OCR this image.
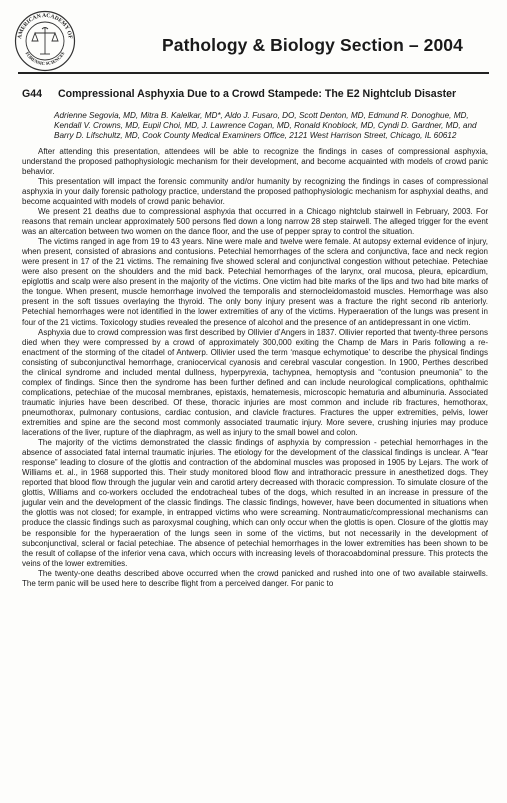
AMERICAN ACADEMY OF
FORENSIC SCIENCES	Pathology & Biology Section – 2004
G44	Compressional Asphyxia Due to a Crowd Stampede: The E2 Nightclub Disaster
Adrienne Segovia, MD, Mitra B. Kalelkar, MD*, Aldo J. Fusaro, DO, Scott Denton, MD, Edmund R. Donoghue, MD, Kendall V. Crowns, MD, Eupil Choi, MD, J. Lawrence Cogan, MD, Ronald Knoblock, MD, Cyndi D. Gardner, MD, and Barry D. Lifschultz, MD, Cook County Medical Examiners Office, 2121 West Harrison Street, Chicago, IL 60612

After attending this presentation, attendees will be able to recognize the findings in cases of compressional asphyxia, understand the proposed pathophysiologic mechanism for their development, and become acquainted with models of crowd panic behavior.

This presentation will impact the forensic community and/or humanity by recognizing the findings in cases of compressional asphyxia in your daily forensic pathology practice, understand the proposed pathophysiologic mechanism for asphyxial deaths, and become acquainted with models of crowd panic behavior.

We present 21 deaths due to compressional asphyxia that occurred in a Chicago nightclub stairwell in February, 2003. For reasons that remain unclear approximately 500 persons fled down a long narrow 28 step stairwell. The alleged trigger for the event was an altercation between two women on the dance floor, and the use of pepper spray to control the situation.

The victims ranged in age from 19 to 43 years. Nine were male and twelve were female. At autopsy external evidence of injury, when present, consisted of abrasions and contusions. Petechial hemorrhages of the sclera and conjunctiva, face and neck region were present in 17 of the 21 victims. The remaining five showed scleral and conjunctival congestion without petechiae. Petechiae were also present on the shoulders and the mid back. Petechial hemorrhages of the larynx, oral mucosa, pleura, epicardium, epiglottis and scalp were also present in the majority of the victims. One victim had bite marks of the lips and two had bite marks of the tongue. When present, muscle hemorrhage involved the temporalis and sternocleidomastoid muscles. Hemorrhage was also present in the soft tissues overlaying the thyroid. The only bony injury present was a fracture the right second rib anteriorly. Petechial hemorrhages were not identified in the lower extremities of any of the victims. Hyperaeration of the lungs was present in four of the 21 victims. Toxicology studies revealed the presence of alcohol and the presence of an antidepressant in one victim.

Asphyxia due to crowd compression was first described by Ollivier d’Angers in 1837. Ollivier reported that twenty-three persons died when they were compressed by a crowd of approximately 300,000 exiting the Champ de Mars in Paris following a re-enactment of the storming of the citadel of Antwerp. Ollivier used the term ‘masque echymotique’ to describe the physical findings consisting of subconjunctival hemorrhage, craniocervical cyanosis and cerebral vascular congestion. In 1900, Perthes described the clinical syndrome and included mental dullness, hyperpyrexia, tachypnea, hemoptysis and “contusion pneumonia” to the complex of findings. Since then the syndrome has been further defined and can include neurological complications, ophthalmic complications, petechiae of the mucosal membranes, epistaxis, hematemesis, microscopic hematuria and albuminuria. Associated traumatic injuries have been described. Of these, thoracic injuries are most common and include rib fractures, hemothorax, pneumothorax, pulmonary contusions, cardiac contusion, and clavicle fractures. Fractures the upper extremities, pelvis, lower extremities and spine are the second most commonly associated traumatic injury. More severe, crushing injuries may produce lacerations of the liver, rupture of the diaphragm, as well as injury to the small bowel and colon.

The majority of the victims demonstrated the classic findings of asphyxia by compression - petechial hemorrhages in the absence of associated fatal internal traumatic injuries. The etiology for the development of the classical findings is unclear. A “fear response” leading to closure of the glottis and contraction of the abdominal muscles was proposed in 1905 by Lejars. The work of Williams et. al., in 1968 supported this. Their study monitored blood flow and intrathoracic pressure in anesthetized dogs. They reported that blood flow through the jugular vein and carotid artery decreased with thoracic compression. To simulate closure of the glottis, Williams and co-workers occluded the endotracheal tubes of the dogs, which resulted in an increase in pressure of the jugular vein and the development of the classic findings. The classic findings, however, have been documented in situations when the glottis was not closed; for example, in entrapped victims who were screaming. Nontraumatic/compressional mechanisms can produce the classic findings such as paroxysmal coughing, which can only occur when the glottis is open. Closure of the glottis may be responsible for the hyperaeration of the lungs seen in some of the victims, but not necessarily in the development of subconjunctival, scleral or facial petechiae. The absence of petechial hemorrhages in the lower extremities has been shown to be the result of collapse of the inferior vena cava, which occurs with increasing levels of thoracoabdominal pressure. This protects the veins of the lower extremities.

The twenty-one deaths described above occurred when the crowd panicked and rushed into one of two available stairwells. The term panic will be used here to describe flight from a perceived danger. For panic to
